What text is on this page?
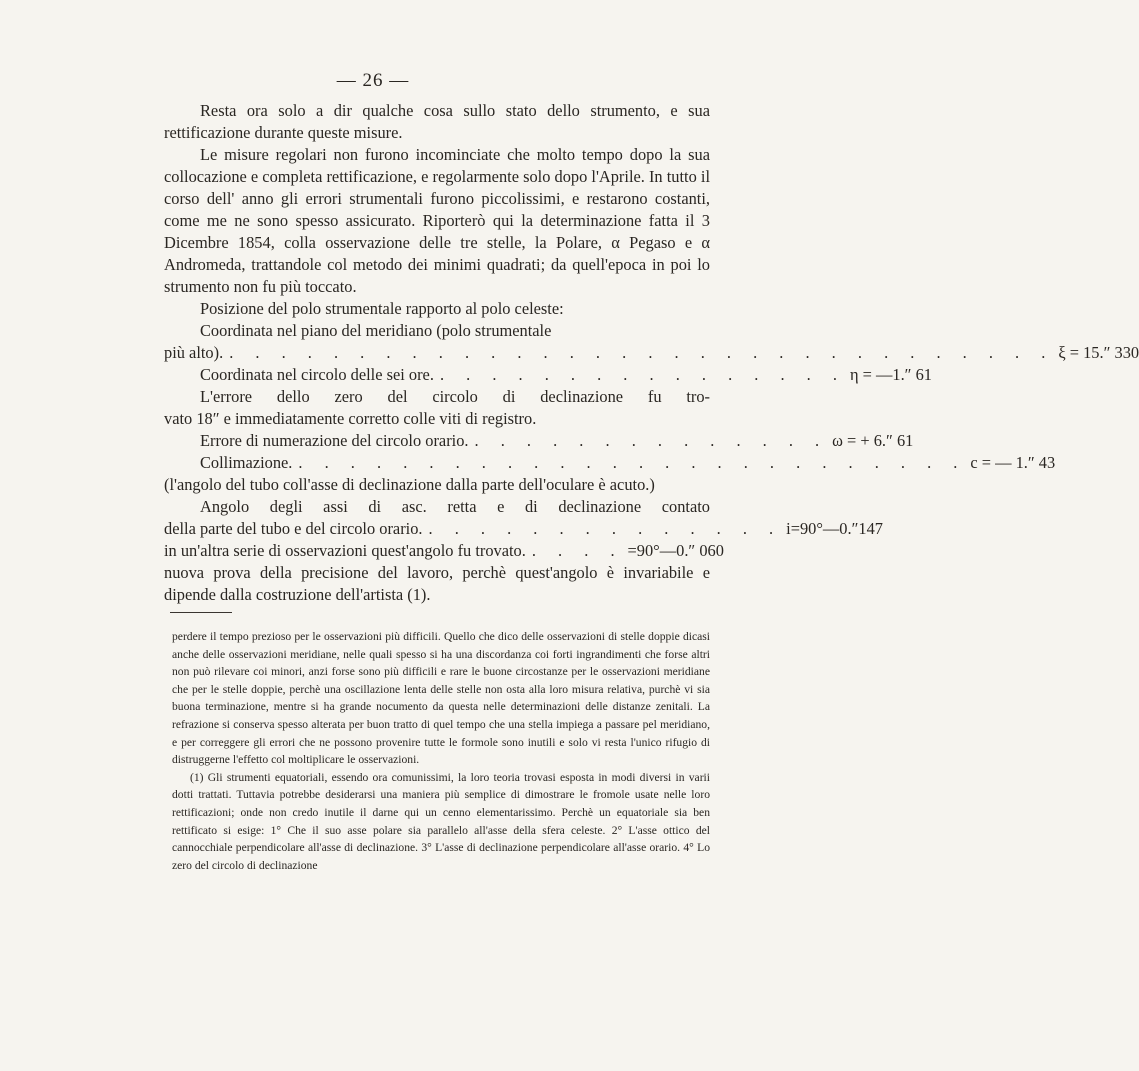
— 26 —

Resta ora solo a dir qualche cosa sullo stato dello strumento, e sua rettificazione durante queste misure.

Le misure regolari non furono incominciate che molto tempo dopo la sua collocazione e completa rettificazione, e regolarmente solo dopo l'Aprile. In tutto il corso dell' anno gli errori strumentali furono piccolissimi, e restarono costanti, come me ne sono spesso assicurato. Riporterò qui la determinazione fatta il 3 Dicembre 1854, colla osservazione delle tre stelle, la Polare, α Pegaso e α Andromeda, trattandole col metodo dei minimi quadrati; da quell'epoca in poi lo strumento non fu più toccato.

Posizione del polo strumentale rapporto al polo celeste:

Coordinata nel piano del meridiano (polo strumentale

più alto). . . . . . . . . . . . . . . . . . . . . . . . . . . . . . . . . ξ = 15.″ 330
Coordinata nel circolo delle sei ore. . . . . . . . . . . . . . . . . η = —1.″ 61

L'errore dello zero del circolo di declinazione fu tro-

vato 18″ e immediatamente corretto colle viti di registro.

Errore di numerazione del circolo orario. . . . . . . . . . . . . . . ω = + 6.″ 61
Collimazione. . . . . . . . . . . . . . . . . . . . . . . . . . . c = — 1.″ 43

(l'angolo del tubo coll'asse di declinazione dalla parte dell'oculare è acuto.)

Angolo degli assi di asc. retta e di declinazione contato

della parte del tubo e del circolo orario. . . . . . . . . . . . . . . i=90°—0.″147
in un'altra serie di osservazioni quest'angolo fu trovato. . . . . =90°—0.″ 060

nuova prova della precisione del lavoro, perchè quest'angolo è invariabile e dipende dalla costruzione dell'artista (1).

perdere il tempo prezioso per le osservazioni più difficili. Quello che dico delle osservazioni di stelle doppie dicasi anche delle osservazioni meridiane, nelle quali spesso si ha una discordanza coi forti ingrandimenti che forse altri non può rilevare coi minori, anzi forse sono più difficili e rare le buone circostanze per le osservazioni meridiane che per le stelle doppie, perchè una oscillazione lenta delle stelle non osta alla loro misura relativa, purchè vi sia buona terminazione, mentre si ha grande nocumento da questa nelle determinazioni delle distanze zenitali. La refrazione si conserva spesso alterata per buon tratto di quel tempo che una stella impiega a passare pel meridiano, e per correggere gli errori che ne possono provenire tutte le formole sono inutili e solo vi resta l'unico rifugio di distruggerne l'effetto col moltiplicare le osservazioni.

(1) Gli strumenti equatoriali, essendo ora comunissimi, la loro teoria trovasi esposta in modi diversi in varii dotti trattati. Tuttavia potrebbe desiderarsi una maniera più semplice di dimostrare le fromole usate nelle loro rettificazioni; onde non credo inutile il darne qui un cenno elementarissimo. Perchè un equatoriale sia ben rettificato si esige: 1° Che il suo asse polare sia parallelo all'asse della sfera celeste. 2° L'asse ottico del cannocchiale perpendicolare all'asse di declinazione. 3° L'asse di declinazione perpendicolare all'asse orario. 4° Lo zero del circolo di declinazione
